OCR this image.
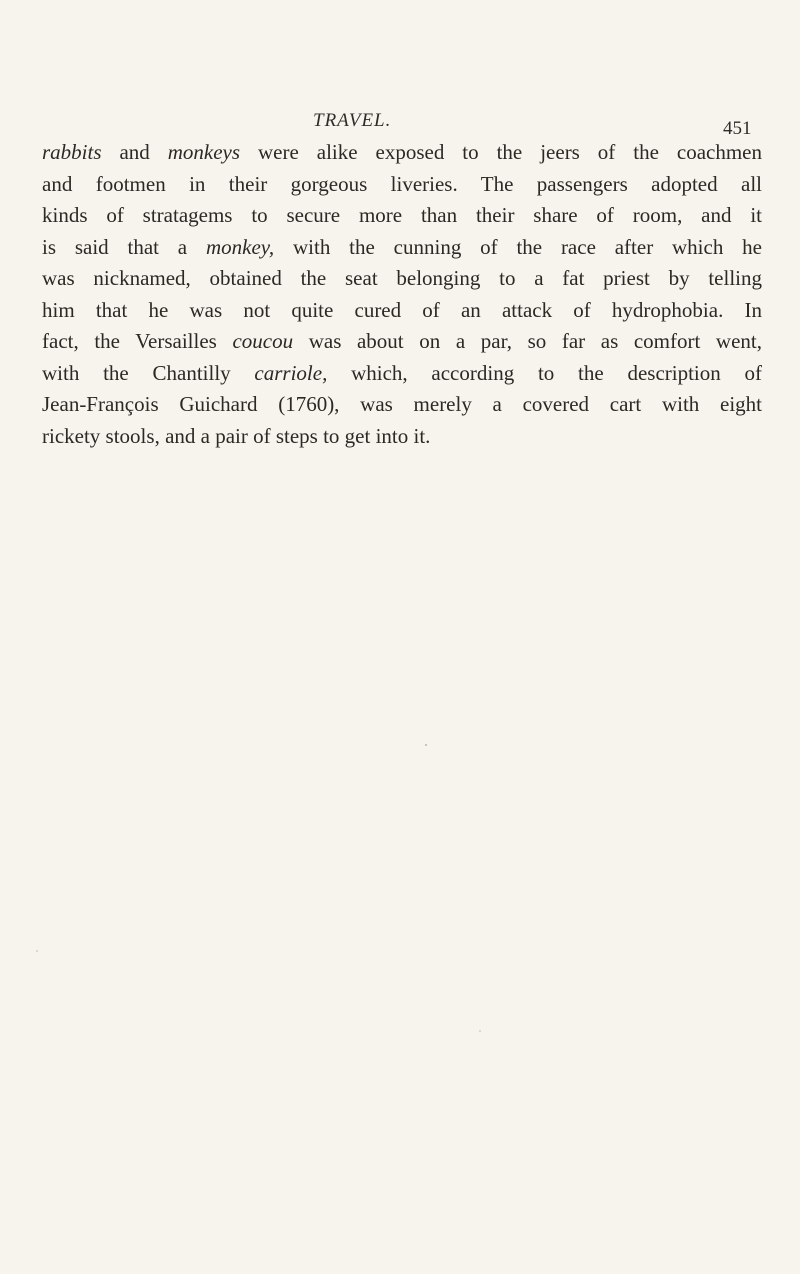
TRAVEL.	451
rabbits and monkeys were alike exposed to the jeers of the coachmen
and footmen in their gorgeous liveries. The passengers adopted all
kinds of stratagems to secure more than their share of room, and it
is said that a monkey, with the cunning of the race after which he
was nicknamed, obtained the seat belonging to a fat priest by telling
him that he was not quite cured of an attack of hydrophobia. In
fact, the Versailles coucou was about on a par, so far as comfort went,
with the Chantilly carriole, which, according to the description of
Jean-François Guichard (1760), was merely a covered cart with eight
rickety stools, and a pair of steps to get into it.
